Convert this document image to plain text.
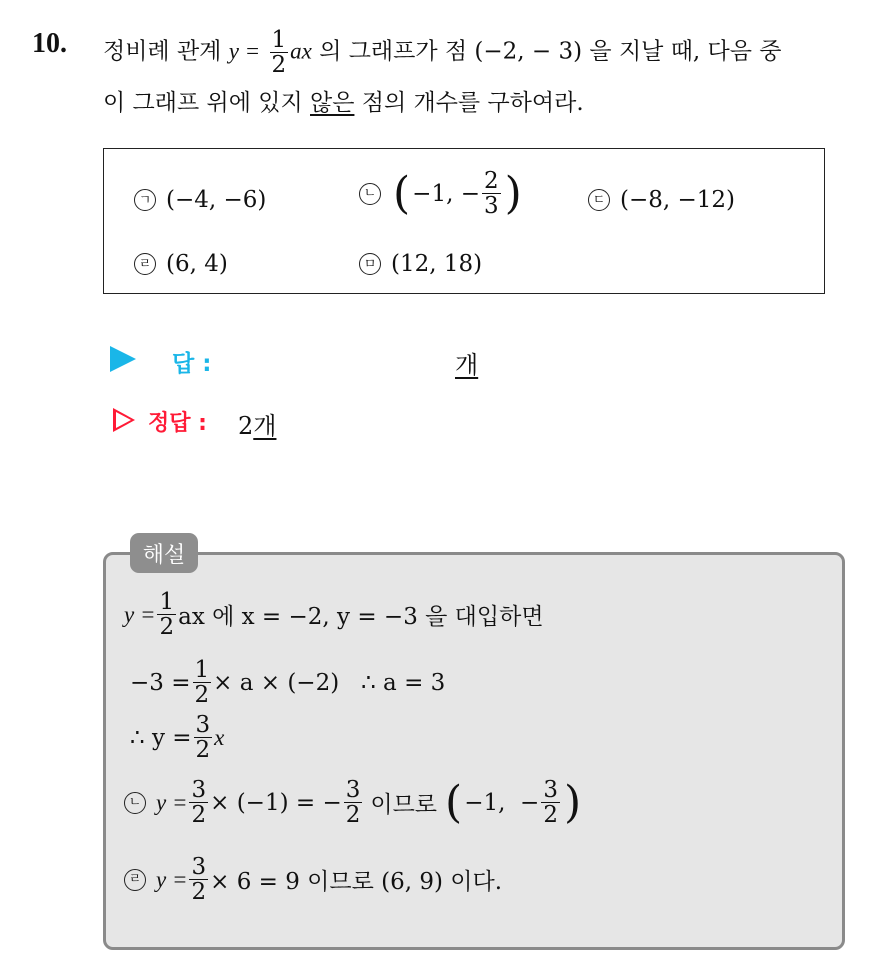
10. 정비례 관계 $y = \frac{1}{2}$ ax 의 그래프가 점 (−2, − 3) 을 지날 때, 다음 중
이 그래프 위에 있지 않은 점의 개수를 구하여라.
ㄱ (−4, −6)	ㄴ ( −1, − $\frac{2}{3}$ )	ㄷ (−8, −12)
ㄹ (6, 4)	ㅁ (12, 18)
답 :	개
정답 : 2개
해설
$y = \frac{1}{2}$ ax 에 x = −2, y = −3 을 대입하면
$-3 = \frac{1}{2} \times a \times (-2)$   ∴ a = 3
∴ $y = \frac{3}{2}$ x
ㄴ $y = \frac{3}{2} \times (-1)$ = − $\frac{3}{2}$ 이므로 ( −1,  − $\frac{3}{2}$ )
ㄹ $y = \frac{3}{2} \times 6 = 9$ 이므로 (6, 9) 이다.
